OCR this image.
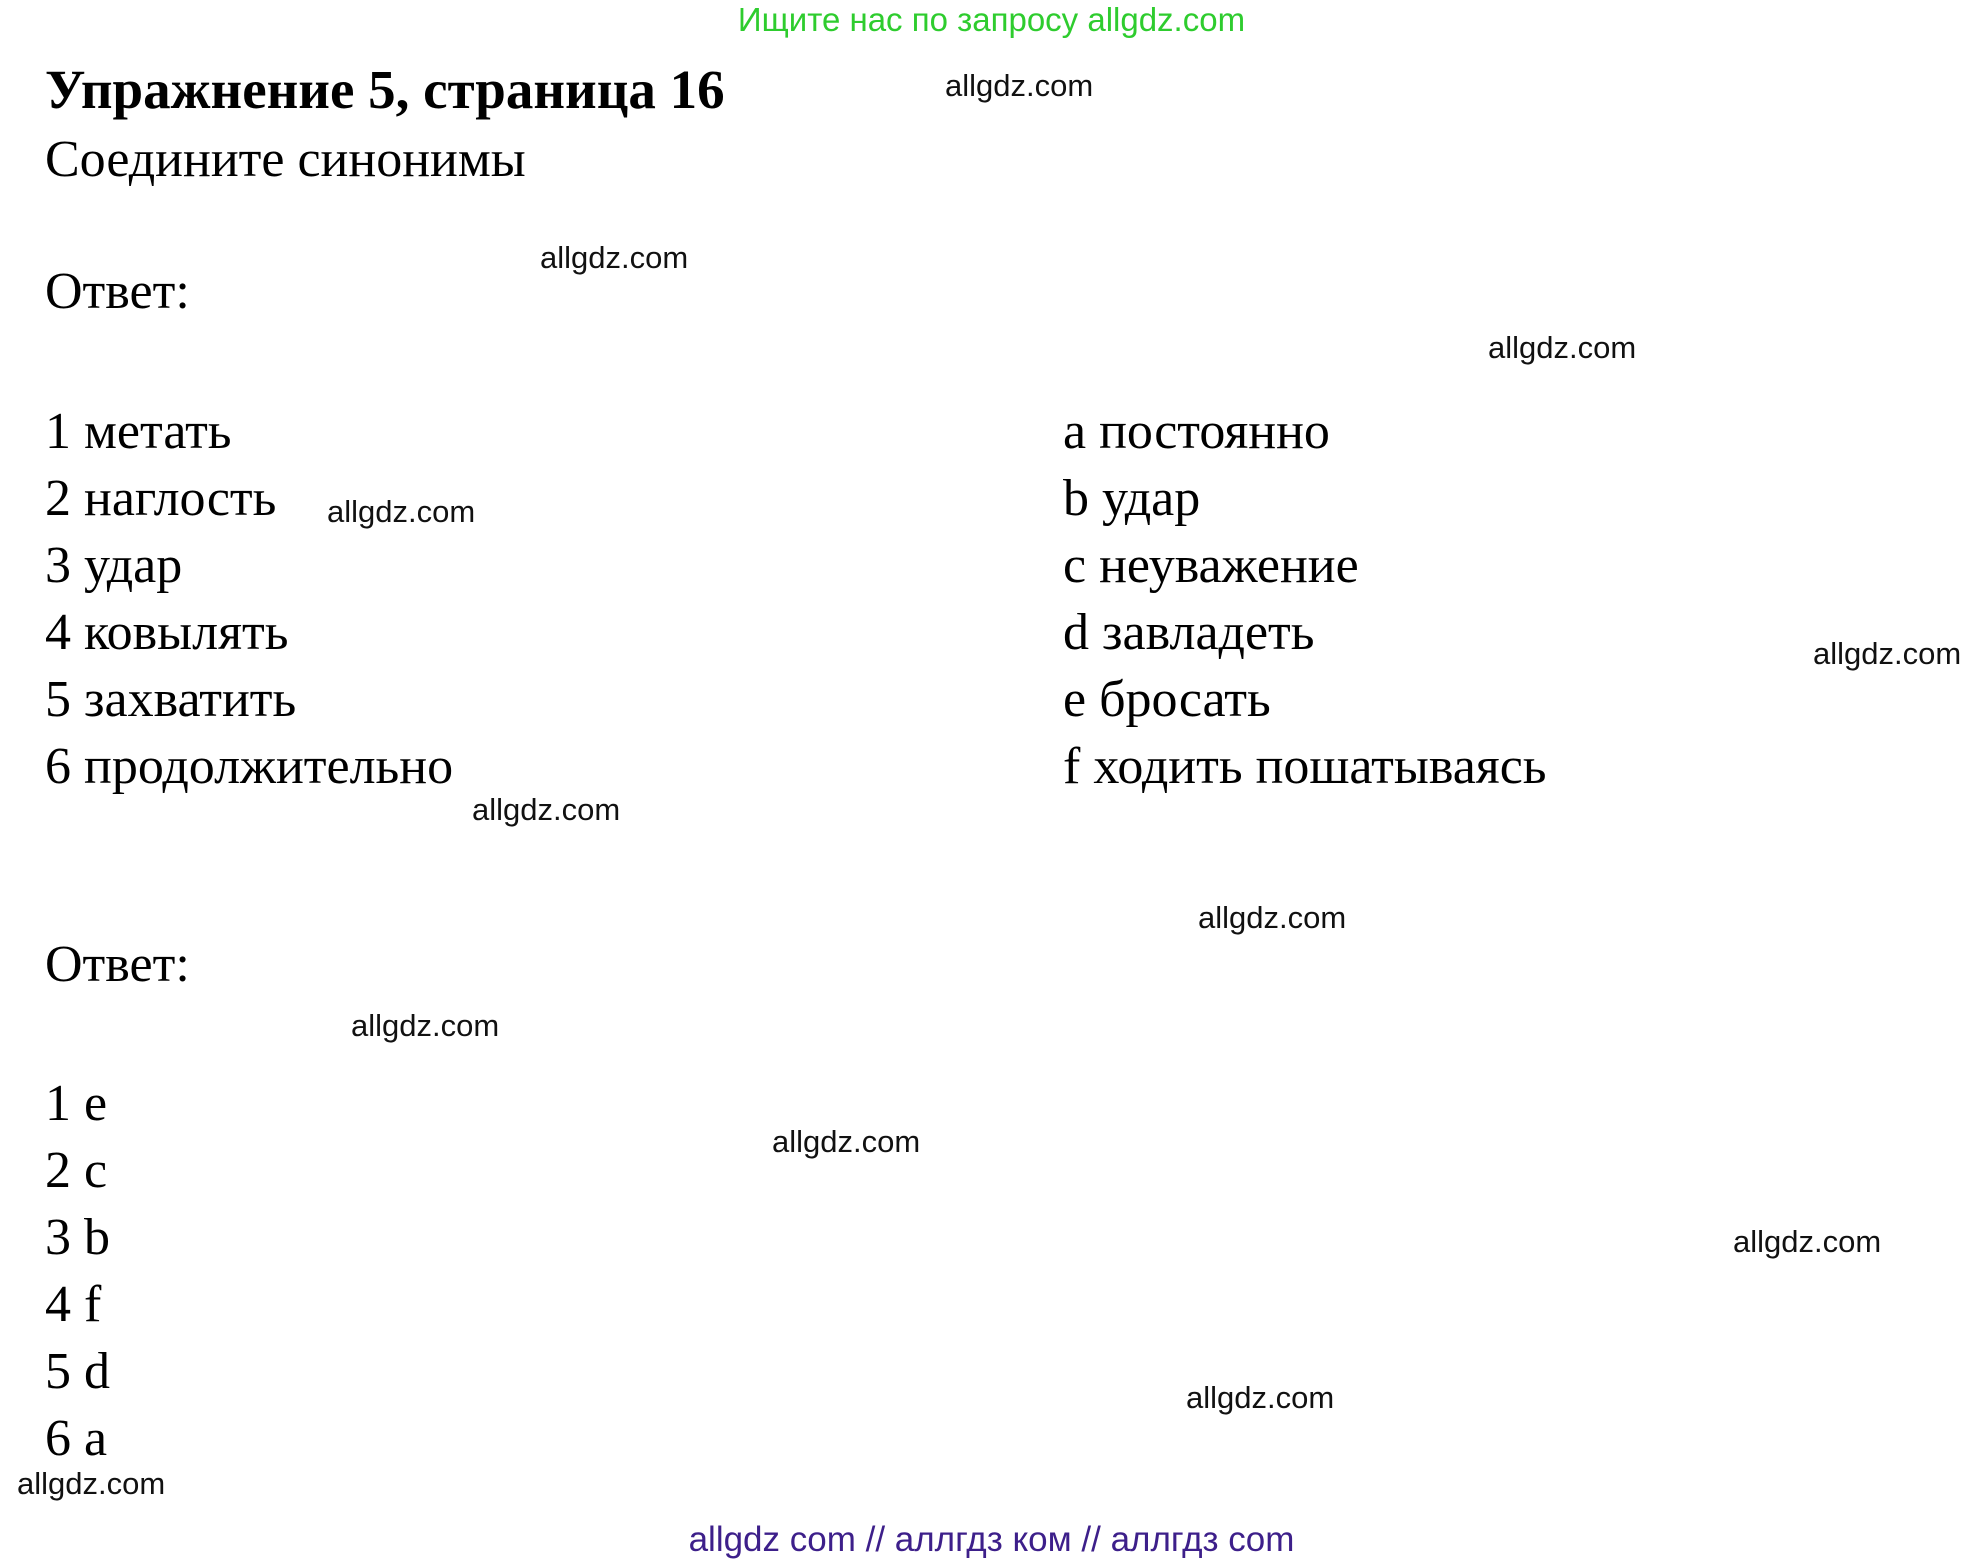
Ищите нас по запросу allgdz.com
Упражнение 5, страница 16
Соедините синонимы
Ответ:
1 метать
2 наглость
3 удар
4 ковылять
5 захватить
6 продолжительно
a постоянно
b удар
c неуважение
d завладеть
e бросать
f ходить пошатываясь
Ответ:
1 e
2 c
3 b
4 f
5 d
6 a
allgdz.com
allgdz.com
allgdz.com
allgdz.com
allgdz.com
allgdz.com
allgdz.com
allgdz.com
allgdz.com
allgdz.com
allgdz.com
allgdz.com
allgdz com // аллгдз ком // аллгдз com
